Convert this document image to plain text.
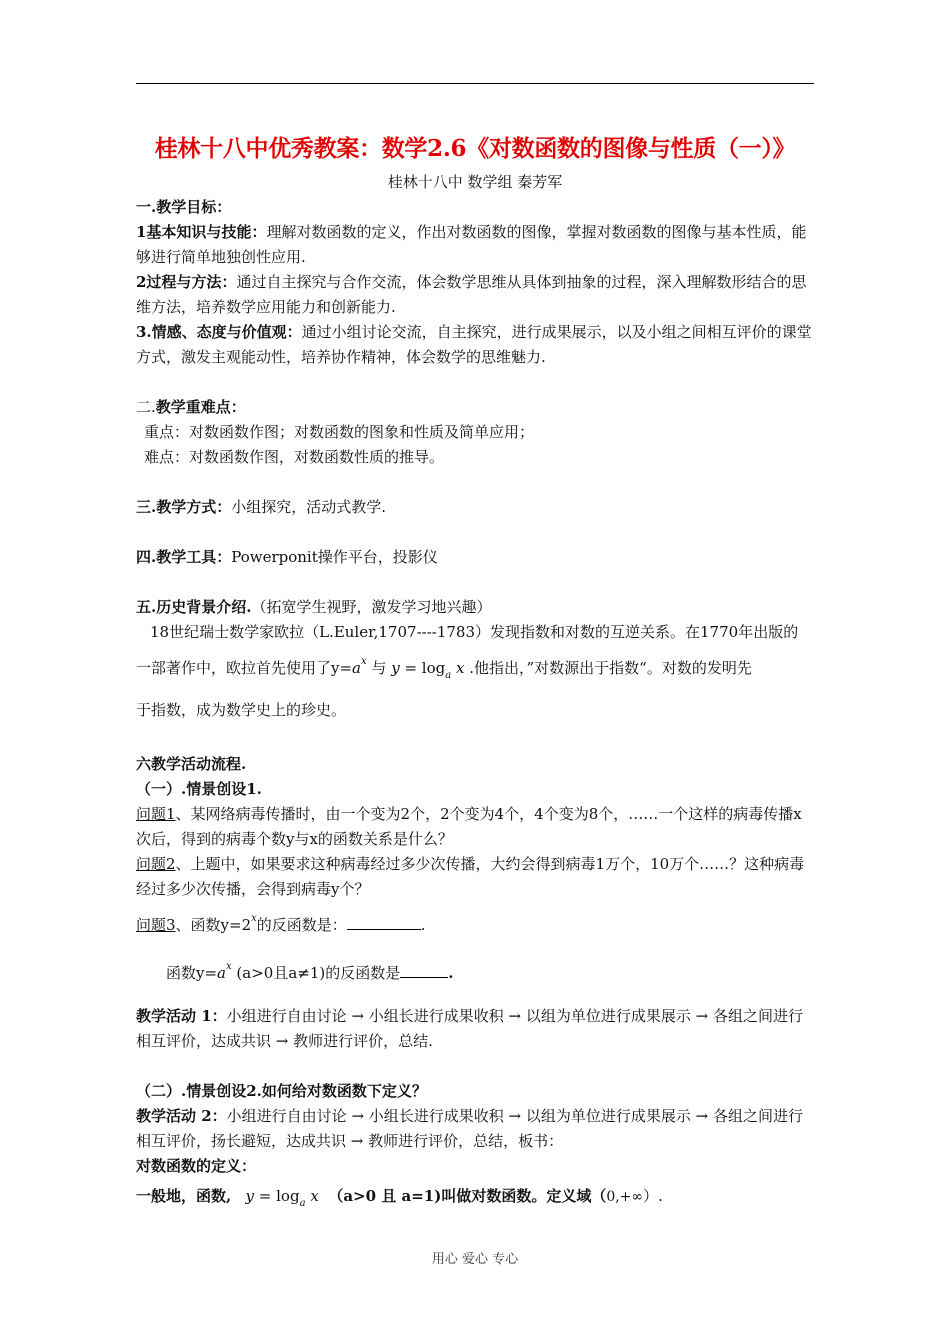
桂林十八中优秀教案：数学2.6《对数函数的图像与性质（一）》
桂林十八中 数学组 秦芳军

一.教学目标：

1基本知识与技能：理解对数函数的定义，作出对数函数的图像，掌握对数函数的图像与基本性质，能够进行简单地独创性应用.

2过程与方法：通过自主探究与合作交流，体会数学思维从具体到抽象的过程，深入理解数形结合的思维方法，培养数学应用能力和创新能力.

3.情感、态度与价值观：通过小组讨论交流，自主探究，进行成果展示，以及小组之间相互评价的课堂方式，激发主观能动性，培养协作精神，体会数学的思维魅力.

二.教学重难点：

重点：对数函数作图；对数函数的图象和性质及简单应用；

难点：对数函数作图，对数函数性质的推导。

三.教学方式：小组探究，活动式教学.

四.教学工具：Powerponit操作平台，投影仪

五.历史背景介绍.（拓宽学生视野，激发学习地兴趣）

18世纪瑞士数学家欧拉（L.Euler,1707----1783）发现指数和对数的互逆关系。在1770年出版的

一部著作中，欧拉首先使用了$y=a^x$ 与 $y = \log_a x$ .他指出，”对数源出于指数“。对数的发明先

于指数，成为数学史上的珍史。

六教学活动流程.

（一）.情景创设1.

问题1、某网络病毒传播时，由一个变为2个，2个变为4个，4个变为8个，……一个这样的病毒传播x次后，得到的病毒个数y与x的函数关系是什么？

问题2、上题中，如果要求这种病毒经过多少次传播，大约会得到病毒1万个，10万个……？这种病毒经过多少次传播，会得到病毒y个？

问题3、函数$y=2^x$的反函数是：	.

函数$y=a^x$ (a>0且a≠1)的反函数是	.

教学活动 1：小组进行自由讨论 → 小组长进行成果收积 → 以组为单位进行成果展示 → 各组之间进行相互评价，达成共识 → 教师进行评价，总结.

（二）.情景创设2.如何给对数函数下定义？

教学活动 2：小组进行自由讨论 → 小组长进行成果收积 → 以组为单位进行成果展示 → 各组之间进行相互评价，扬长避短，达成共识 → 教师进行评价，总结，板书：

对数函数的定义：

一般地，函数, $y = \log_a x$ （a>0 且 a=1)叫做对数函数。定义域（0,+∞）.

用心 爱心 专心
